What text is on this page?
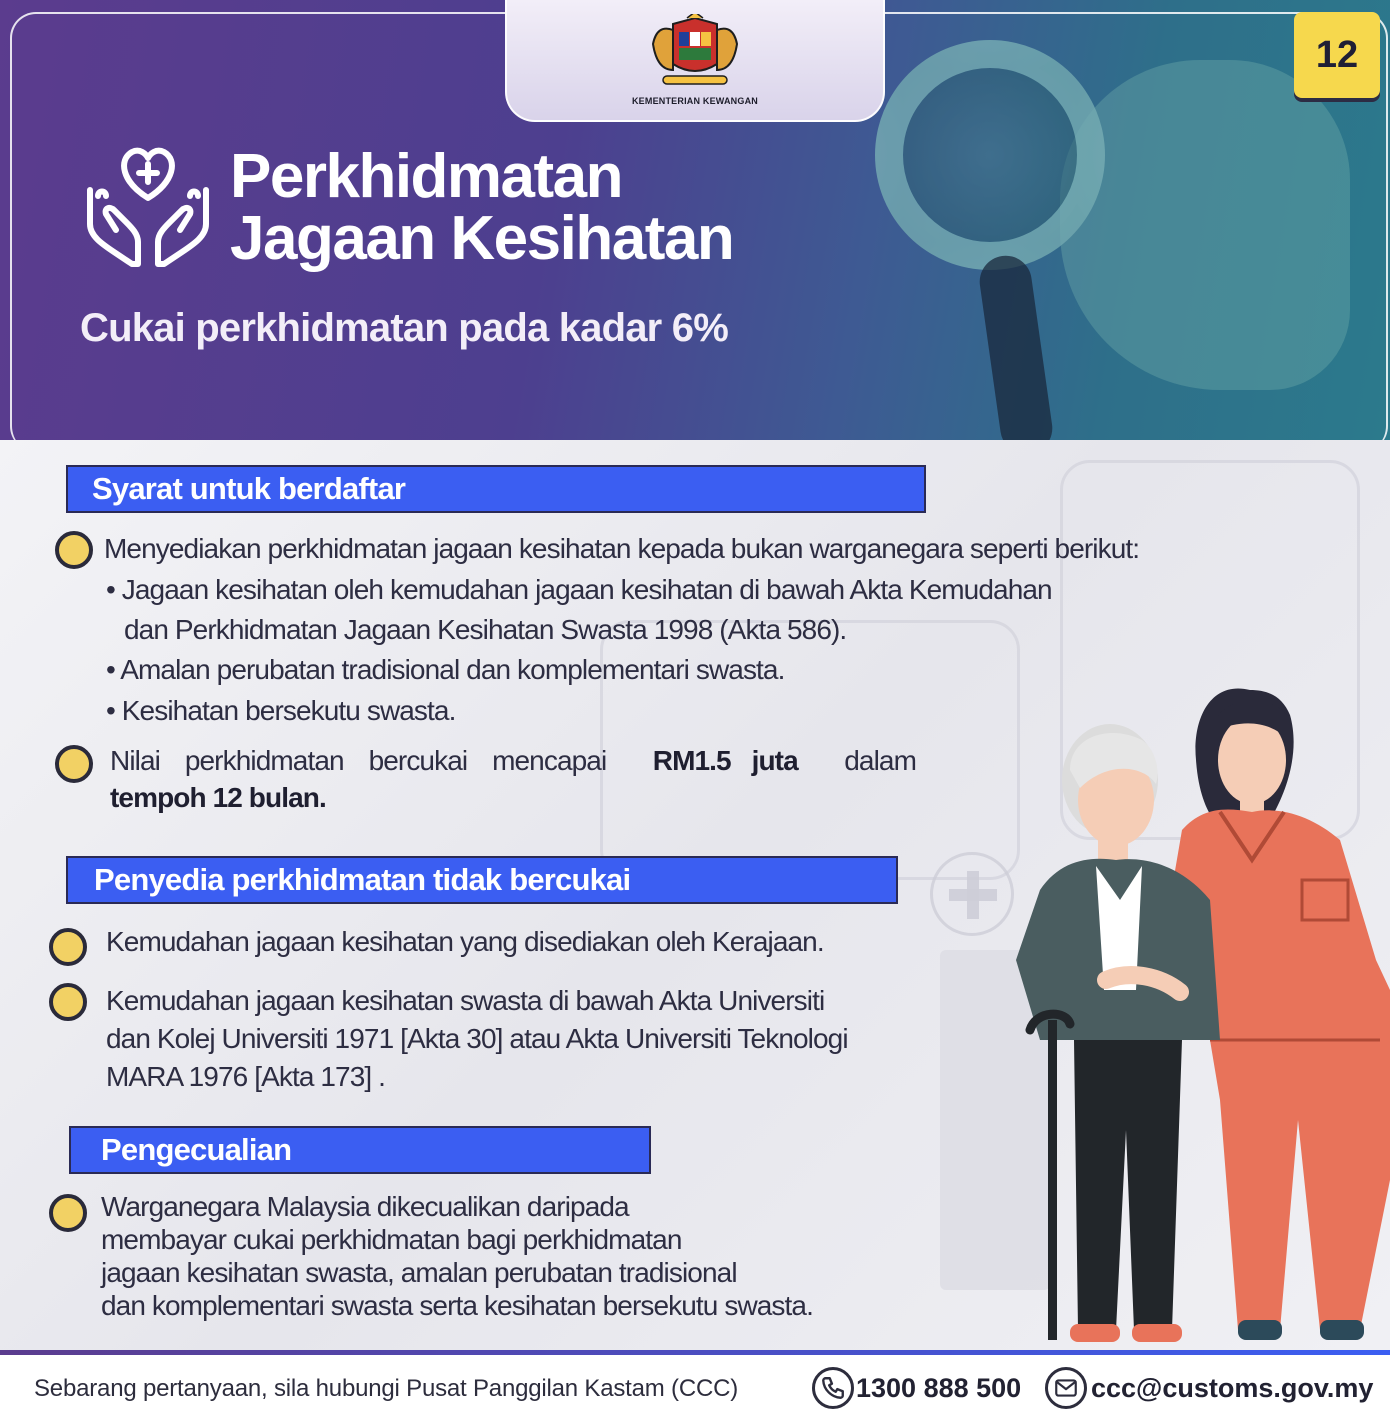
KEMENTERIAN KEWANGAN
12
Perkhidmatan
Jagaan Kesihatan
Cukai perkhidmatan pada kadar 6%
Syarat untuk berdaftar
Menyediakan perkhidmatan jagaan kesihatan kepada bukan warganegara seperti berikut:
• Jagaan kesihatan oleh kemudahan jagaan kesihatan di bawah Akta Kemudahan
dan Perkhidmatan Jagaan Kesihatan Swasta 1998 (Akta 586).
• Amalan perubatan tradisional dan komplementari swasta.
• Kesihatan bersekutu swasta.
Nilai perkhidmatan bercukai mencapai RM1.5 juta dalam
tempoh 12 bulan.
Penyedia perkhidmatan tidak bercukai
Kemudahan jagaan kesihatan yang disediakan oleh Kerajaan.
Kemudahan jagaan kesihatan swasta di bawah Akta Universiti
dan Kolej Universiti 1971 [Akta 30] atau Akta Universiti Teknologi
MARA 1976 [Akta 173] .
Pengecualian
Warganegara Malaysia dikecualikan daripada
membayar cukai perkhidmatan bagi perkhidmatan
jagaan kesihatan swasta, amalan perubatan tradisional
dan komplementari swasta serta kesihatan bersekutu swasta.
Sebarang pertanyaan, sila hubungi Pusat Panggilan Kastam (CCC)	1300 888 500	ccc@customs.gov.my
